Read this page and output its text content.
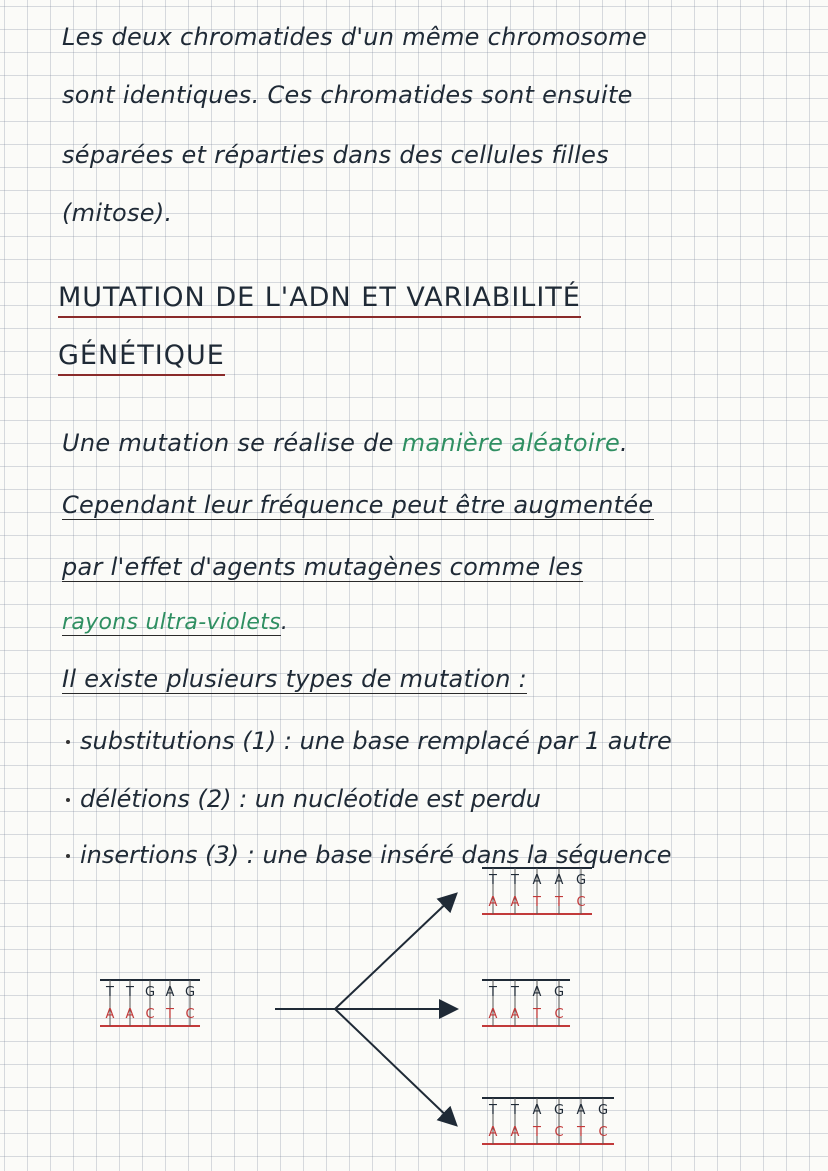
Les deux chromatides d'un même chromosome

sont identiques. Ces chromatides sont ensuite

séparées et réparties dans des cellules filles

(mitose).

MUTATION DE L'ADN ET VARIABILITÉ

GÉNÉTIQUE

Une mutation se réalise de manière aléatoire.

Cependant leur fréquence peut être augmentée

par l'effet d'agents mutagènes comme les

rayons ultra-violets.

Il existe plusieurs types de mutation :

substitutions (1) : une base remplacé par 1 autre

délétions (2) : un nucléotide est perdu

insertions (3) : une base inséré dans la séquence

T
A
T
A
G
C
A
T
G
C
T
A
T
A
A
T
A
T
G
C
T
A
T
A
A
T
G
C
T
A
T
A
A
T
G
C
A
T
G
C
